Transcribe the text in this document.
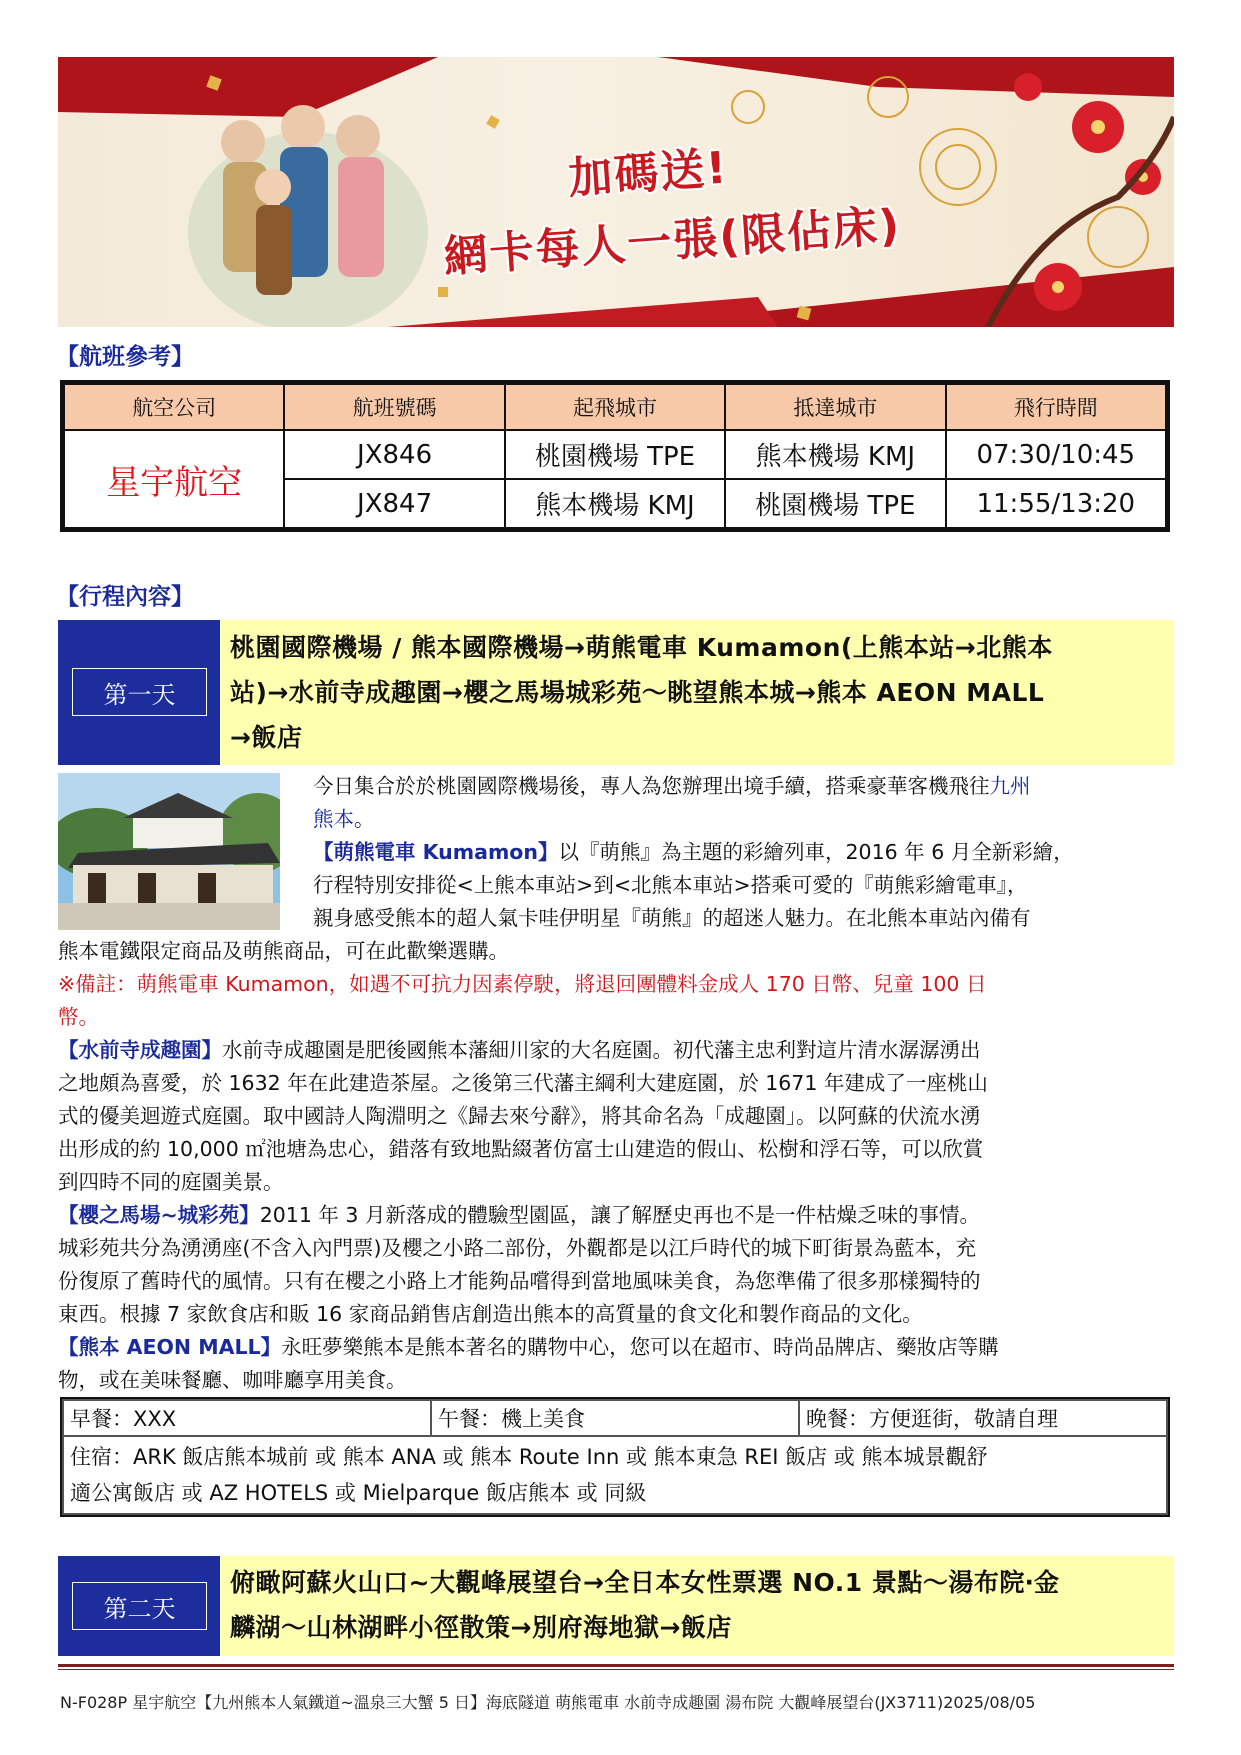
加碼送!
網卡每人一張(限佔床)
【航班參考】
航空公司	航班號碼	起飛城市	抵達城市	飛行時間
星宇航空	JX846	桃園機場 TPE	熊本機場 KMJ	07:30/10:45
	JX847	熊本機場 KMJ	桃園機場 TPE	11:55/13:20
【行程內容】
第一天
桃園國際機場 / 熊本國際機場→萌熊電車 Kumamon(上熊本站→北熊本
站)→水前寺成趣園→櫻之馬場城彩苑～眺望熊本城→熊本 AEON MALL
→飯店
今日集合於於桃園國際機場後，專人為您辦理出境手續，搭乘豪華客機飛往九州
熊本。
【萌熊電車 Kumamon】以『萌熊』為主題的彩繪列車，2016 年 6 月全新彩繪，
行程特別安排從<上熊本車站>到<北熊本車站>搭乘可愛的『萌熊彩繪電車』，
親身感受熊本的超人氣卡哇伊明星『萌熊』的超迷人魅力。在北熊本車站內備有
熊本電鐵限定商品及萌熊商品，可在此歡樂選購。
※備註：萌熊電車 Kumamon，如遇不可抗力因素停駛，將退回團體料金成人 170 日幣、兒童 100 日
幣。
【水前寺成趣園】水前寺成趣園是肥後國熊本藩細川家的大名庭園。初代藩主忠利對這片清水潺潺湧出
之地頗為喜愛，於 1632 年在此建造茶屋。之後第三代藩主綱利大建庭園，於 1671 年建成了一座桃山
式的優美迴遊式庭園。取中國詩人陶淵明之《歸去來兮辭》，將其命名為「成趣園」。以阿蘇的伏流水湧
出形成的約 10,000 ㎡池塘為忠心，錯落有致地點綴著仿富士山建造的假山、松樹和浮石等，可以欣賞
到四時不同的庭園美景。
【櫻之馬場~城彩苑】2011 年 3 月新落成的體驗型園區，讓了解歷史再也不是一件枯燥乏味的事情。
城彩苑共分為湧湧座(不含入內門票)及櫻之小路二部份，外觀都是以江戶時代的城下町街景為藍本，充
份復原了舊時代的風情。只有在櫻之小路上才能夠品嚐得到當地風味美食，為您準備了很多那樣獨特的
東西。根據 7 家飲食店和販 16 家商品銷售店創造出熊本的高質量的食文化和製作商品的文化。
【熊本 AEON MALL】永旺夢樂熊本是熊本著名的購物中心，您可以在超市、時尚品牌店、藥妝店等購
物，或在美味餐廳、咖啡廳享用美食。
早餐：XXX	午餐：機上美食	晚餐：方便逛街，敬請自理

住宿：ARK 飯店熊本城前 或 熊本 ANA 或 熊本 Route Inn 或 熊本東急 REI 飯店 或 熊本城景觀舒
適公寓飯店 或 AZ HOTELS 或 Mielparque 飯店熊本 或 同級
第二天
俯瞰阿蘇火山口~大觀峰展望台→全日本女性票選 NO.1 景點～湯布院‧金
麟湖～山林湖畔小徑散策→別府海地獄→飯店
N-F028P 星宇航空【九州熊本人氣鐵道~溫泉三大蟹 5 日】海底隧道 萌熊電車 水前寺成趣園 湯布院 大觀峰展望台(JX3711)2025/08/05
